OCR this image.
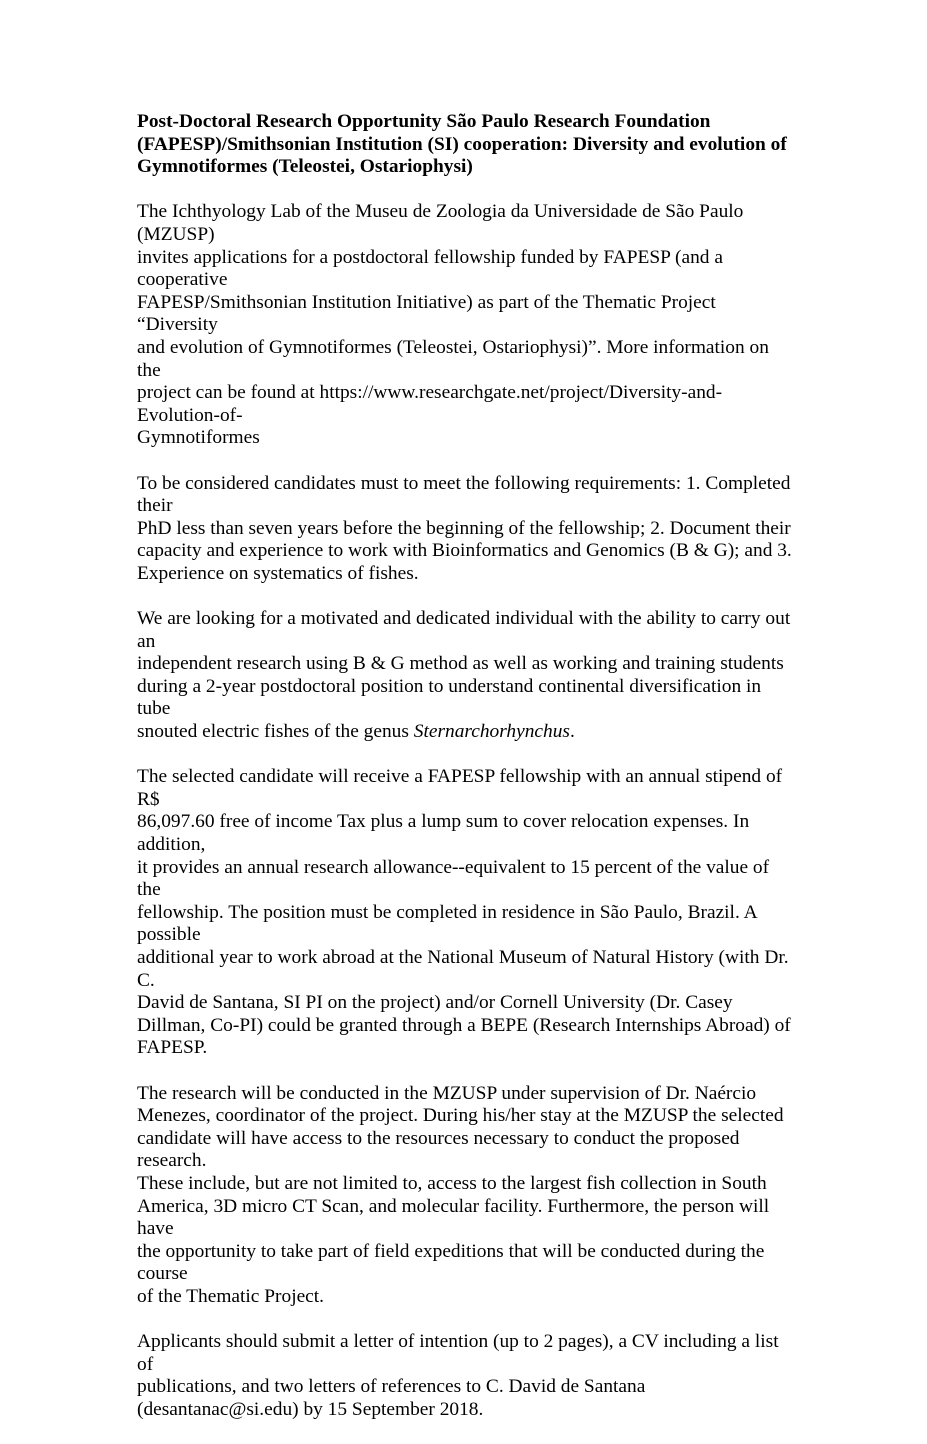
Post-Doctoral Research Opportunity São Paulo Research Foundation
(FAPESP)/Smithsonian Institution (SI) cooperation: Diversity and evolution of
Gymnotiformes (Teleostei, Ostariophysi)
The Ichthyology Lab of the Museu de Zoologia da Universidade de São Paulo (MZUSP)
invites applications for a postdoctoral fellowship funded by FAPESP (and a cooperative
FAPESP/Smithsonian Institution Initiative) as part of the Thematic Project “Diversity
and evolution of Gymnotiformes (Teleostei, Ostariophysi)”. More information on the
project can be found at https://www.researchgate.net/project/Diversity-and-Evolution-of-
Gymnotiformes
To be considered candidates must to meet the following requirements: 1. Completed their
PhD less than seven years before the beginning of the fellowship; 2. Document their
capacity and experience to work with Bioinformatics and Genomics (B & G); and 3.
Experience on systematics of fishes.
We are looking for a motivated and dedicated individual with the ability to carry out an
independent research using B & G method as well as working and training students
during a 2-year postdoctoral position to understand continental diversification in tube
snouted electric fishes of the genus Sternarchorhynchus.
The selected candidate will receive a FAPESP fellowship with an annual stipend of R$
86,097.60 free of income Tax plus a lump sum to cover relocation expenses. In addition,
it provides an annual research allowance--equivalent to 15 percent of the value of the
fellowship. The position must be completed in residence in São Paulo, Brazil. A possible
additional year to work abroad at the National Museum of Natural History (with Dr. C.
David de Santana, SI PI on the project) and/or Cornell University (Dr. Casey
Dillman, Co-PI) could be granted through a BEPE (Research Internships Abroad) of
FAPESP.
The research will be conducted in the MZUSP under supervision of Dr. Naércio
Menezes, coordinator of the project. During his/her stay at the MZUSP the selected
candidate will have access to the resources necessary to conduct the proposed research.
These include, but are not limited to, access to the largest fish collection in South
America, 3D micro CT Scan, and molecular facility. Furthermore, the person will have
the opportunity to take part of field expeditions that will be conducted during the course
of the Thematic Project.
Applicants should submit a letter of intention (up to 2 pages), a CV including a list of
publications, and two letters of references to C. David de Santana
(desantanac@si.edu) by 15 September 2018.
